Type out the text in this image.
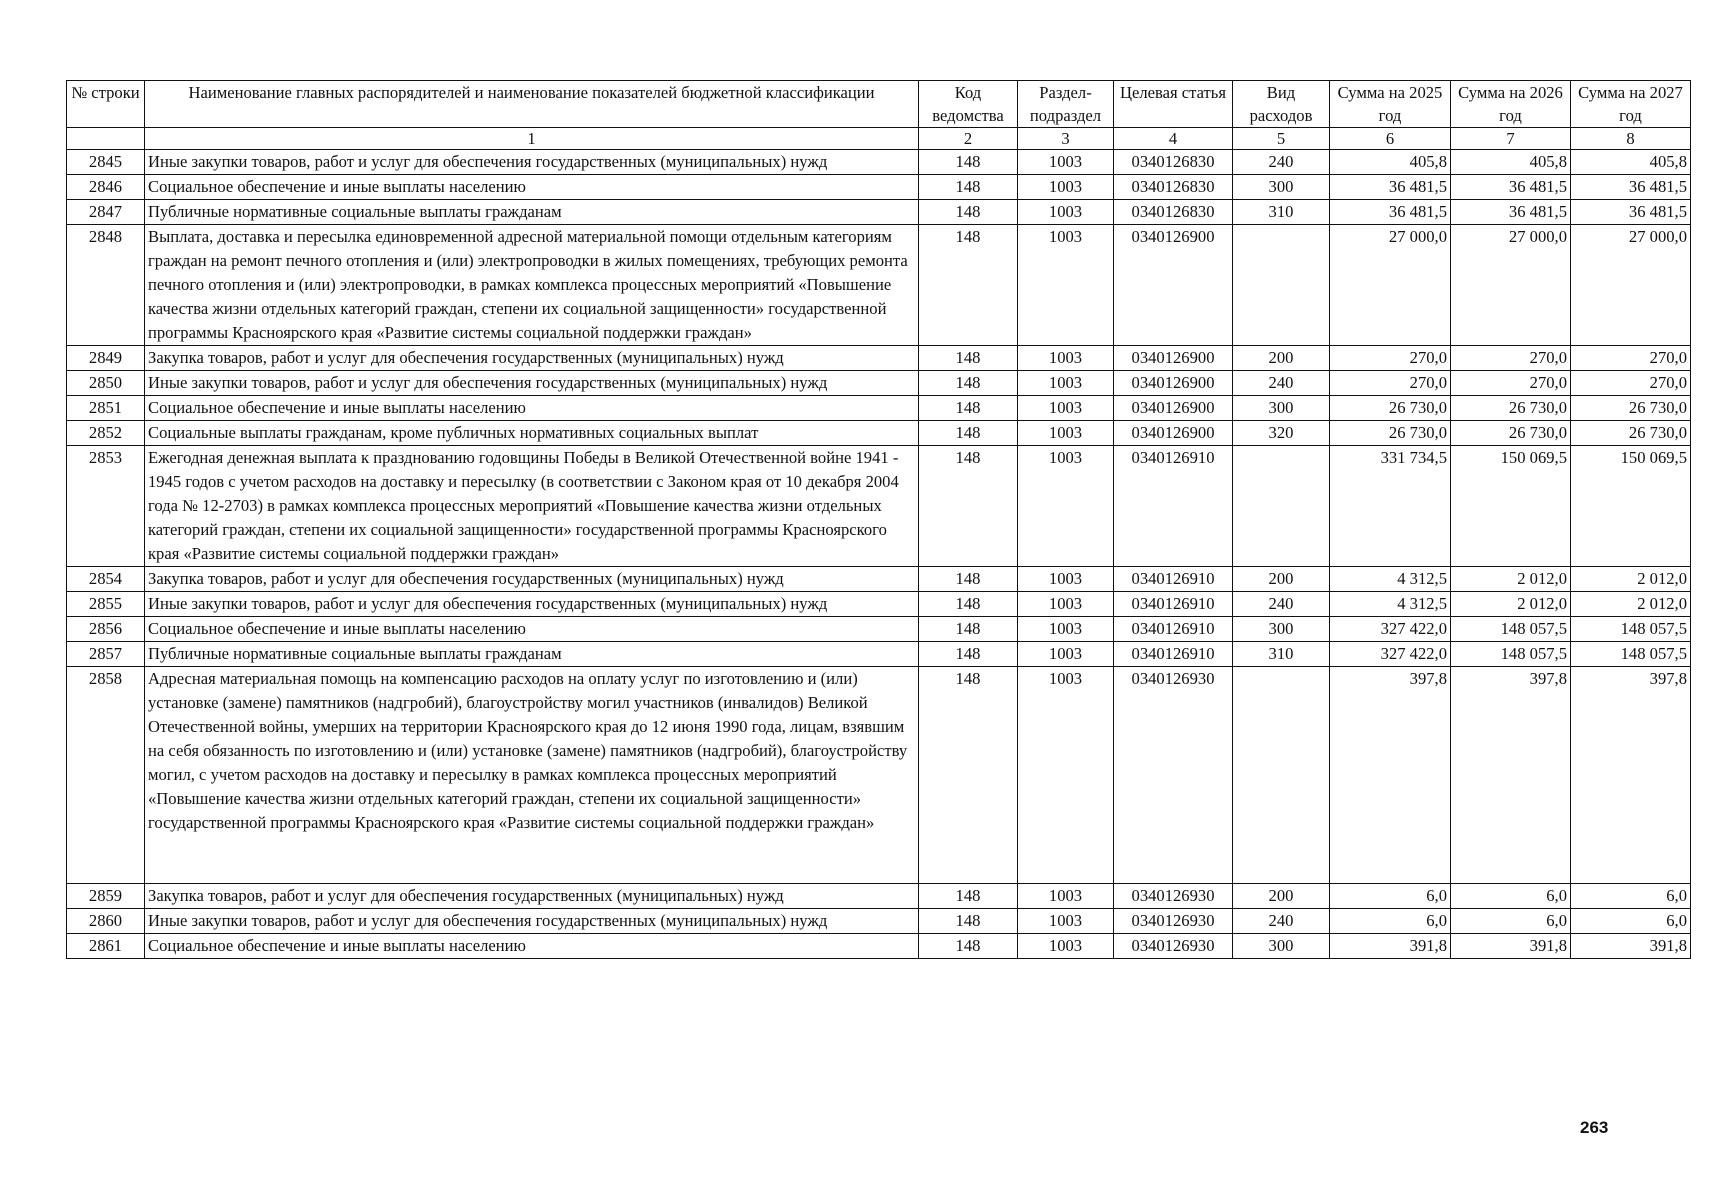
№ строки	Наименование главных распорядителей и наименование показателей бюджетной классификации	Код ведомства	Раздел-подраздел	Целевая статья	Вид расходов	Сумма на 2025 год	Сумма на 2026 год	Сумма на 2027 год
	1	2	3	4	5	6	7	8
2845	Иные закупки товаров, работ и услуг для обеспечения государственных (муниципальных) нужд	148	1003	0340126830	240	405,8	405,8	405,8
2846	Социальное обеспечение и иные выплаты населению	148	1003	0340126830	300	36 481,5	36 481,5	36 481,5
2847	Публичные нормативные социальные выплаты гражданам	148	1003	0340126830	310	36 481,5	36 481,5	36 481,5
2848	Выплата, доставка и пересылка единовременной адресной материальной помощи отдельным категориям граждан на ремонт печного отопления и (или) электропроводки в жилых помещениях, требующих ремонта печного отопления и (или) электропроводки, в рамках комплекса процессных мероприятий «Повышение качества жизни отдельных категорий граждан, степени их социальной защищенности» государственной программы Красноярского края «Развитие системы социальной поддержки граждан»	148	1003	0340126900		27 000,0	27 000,0	27 000,0
2849	Закупка товаров, работ и услуг для обеспечения государственных (муниципальных) нужд	148	1003	0340126900	200	270,0	270,0	270,0
2850	Иные закупки товаров, работ и услуг для обеспечения государственных (муниципальных) нужд	148	1003	0340126900	240	270,0	270,0	270,0
2851	Социальное обеспечение и иные выплаты населению	148	1003	0340126900	300	26 730,0	26 730,0	26 730,0
2852	Социальные выплаты гражданам, кроме публичных нормативных социальных выплат	148	1003	0340126900	320	26 730,0	26 730,0	26 730,0
2853	Ежегодная денежная выплата к празднованию годовщины Победы в Великой Отечественной войне 1941 - 1945 годов с учетом расходов на доставку и пересылку (в соответствии с Законом края от 10 декабря 2004 года № 12-2703) в рамках комплекса процессных мероприятий «Повышение качества жизни отдельных категорий граждан, степени их социальной защищенности» государственной программы Красноярского края «Развитие системы социальной поддержки граждан»	148	1003	0340126910		331 734,5	150 069,5	150 069,5
2854	Закупка товаров, работ и услуг для обеспечения государственных (муниципальных) нужд	148	1003	0340126910	200	4 312,5	2 012,0	2 012,0
2855	Иные закупки товаров, работ и услуг для обеспечения государственных (муниципальных) нужд	148	1003	0340126910	240	4 312,5	2 012,0	2 012,0
2856	Социальное обеспечение и иные выплаты населению	148	1003	0340126910	300	327 422,0	148 057,5	148 057,5
2857	Публичные нормативные социальные выплаты гражданам	148	1003	0340126910	310	327 422,0	148 057,5	148 057,5
2858	Адресная материальная помощь на компенсацию расходов на оплату услуг по изготовлению и (или) установке (замене) памятников (надгробий), благоустройству могил участников (инвалидов) Великой Отечественной войны, умерших на территории Красноярского края до 12 июня 1990 года, лицам, взявшим на себя обязанность по изготовлению и (или) установке (замене) памятников (надгробий), благоустройству могил, с учетом расходов на доставку и пересылку в рамках комплекса процессных мероприятий «Повышение качества жизни отдельных категорий граждан, степени их социальной защищенности» государственной программы Красноярского края «Развитие системы социальной поддержки граждан»	148	1003	0340126930		397,8	397,8	397,8
2859	Закупка товаров, работ и услуг для обеспечения государственных (муниципальных) нужд	148	1003	0340126930	200	6,0	6,0	6,0
2860	Иные закупки товаров, работ и услуг для обеспечения государственных (муниципальных) нужд	148	1003	0340126930	240	6,0	6,0	6,0
2861	Социальное обеспечение и иные выплаты населению	148	1003	0340126930	300	391,8	391,8	391,8
263
